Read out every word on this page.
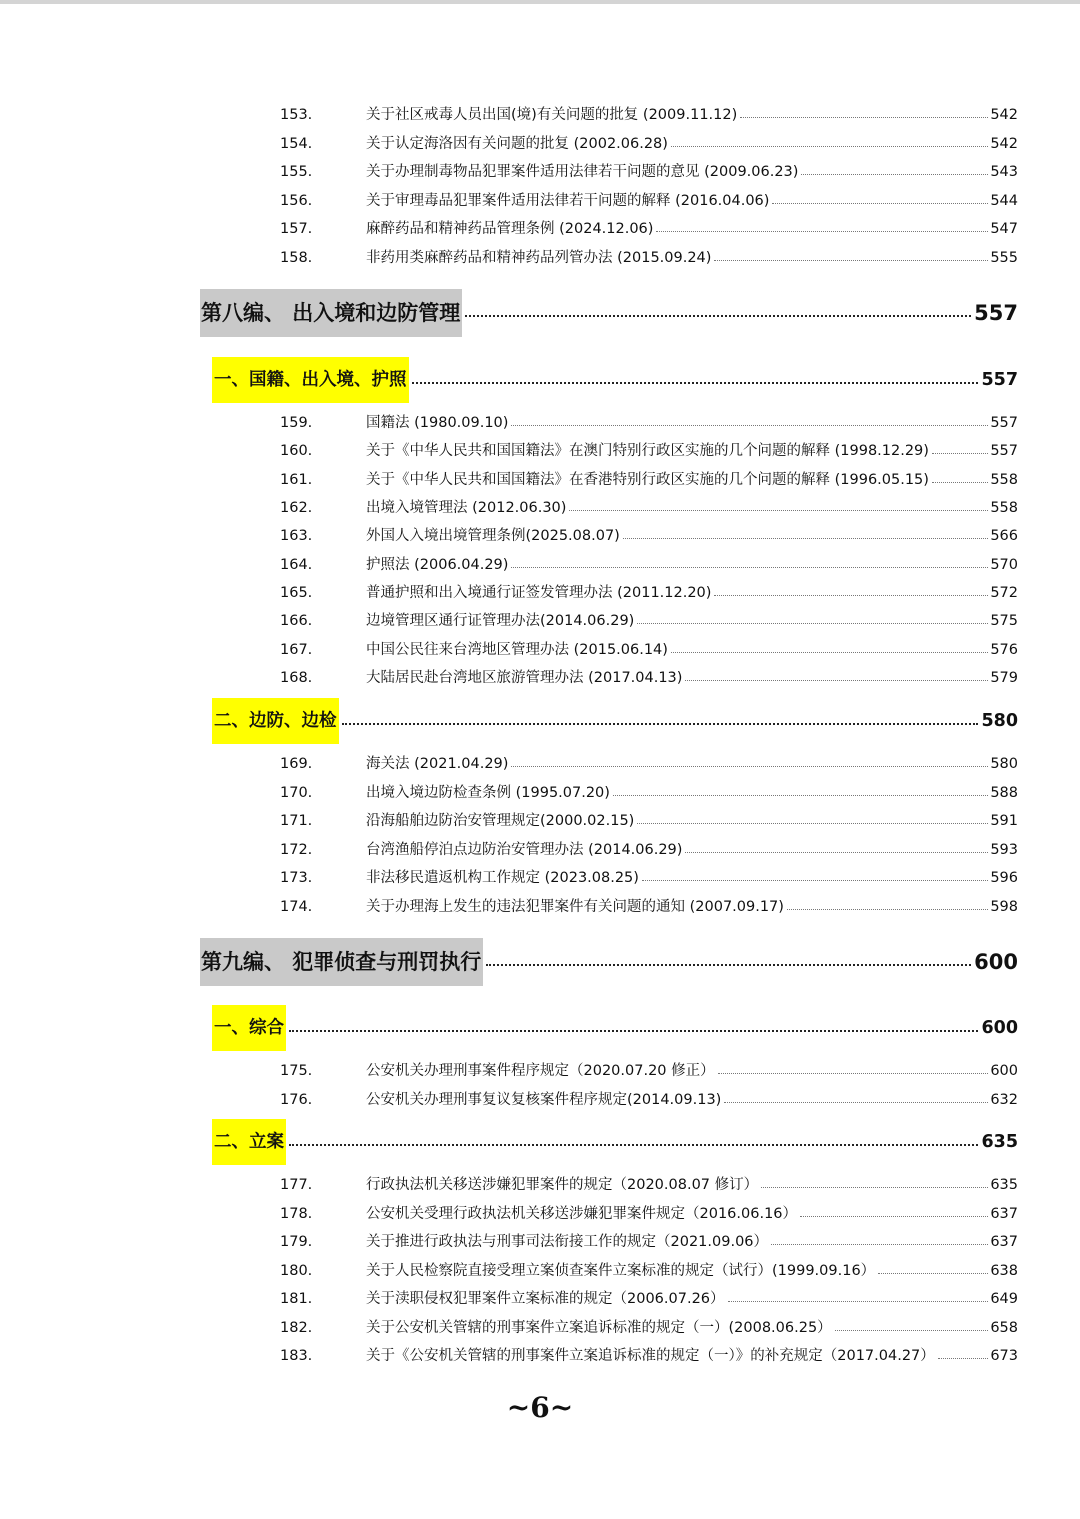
153.	关于社区戒毒人员出国(境)有关问题的批复 (2009.11.12)	542
154.	关于认定海洛因有关问题的批复 (2002.06.28)	542
155.	关于办理制毒物品犯罪案件适用法律若干问题的意见 (2009.06.23)	543
156.	关于审理毒品犯罪案件适用法律若干问题的解释 (2016.04.06)	544
157.	麻醉药品和精神药品管理条例 (2024.12.06)	547
158.	非药用类麻醉药品和精神药品列管办法 (2015.09.24)	555
第八编、 出入境和边防管理	557
一、国籍、出入境、护照	557
159.	国籍法 (1980.09.10)	557
160.	关于《中华人民共和国国籍法》在澳门特别行政区实施的几个问题的解释 (1998.12.29)	557
161.	关于《中华人民共和国国籍法》在香港特别行政区实施的几个问题的解释 (1996.05.15)	558
162.	出境入境管理法 (2012.06.30)	558
163.	外国人入境出境管理条例(2025.08.07)	566
164.	护照法 (2006.04.29)	570
165.	普通护照和出入境通行证签发管理办法 (2011.12.20)	572
166.	边境管理区通行证管理办法(2014.06.29)	575
167.	中国公民往来台湾地区管理办法 (2015.06.14)	576
168.	大陆居民赴台湾地区旅游管理办法 (2017.04.13)	579
二、边防、边检	580
169.	海关法 (2021.04.29)	580
170.	出境入境边防检查条例 (1995.07.20)	588
171.	沿海船舶边防治安管理规定(2000.02.15)	591
172.	台湾渔船停泊点边防治安管理办法 (2014.06.29)	593
173.	非法移民遣返机构工作规定 (2023.08.25)	596
174.	关于办理海上发生的违法犯罪案件有关问题的通知 (2007.09.17)	598
第九编、 犯罪侦查与刑罚执行	600
一、综合	600
175.	公安机关办理刑事案件程序规定（2020.07.20 修正）	600
176.	公安机关办理刑事复议复核案件程序规定(2014.09.13)	632
二、立案	635
177.	行政执法机关移送涉嫌犯罪案件的规定（2020.08.07 修订）	635
178.	公安机关受理行政执法机关移送涉嫌犯罪案件规定（2016.06.16）	637
179.	关于推进行政执法与刑事司法衔接工作的规定（2021.09.06）	637
180.	关于人民检察院直接受理立案侦查案件立案标准的规定（试行）(1999.09.16）	638
181.	关于渎职侵权犯罪案件立案标准的规定（2006.07.26）	649
182.	关于公安机关管辖的刑事案件立案追诉标准的规定（一）(2008.06.25）	658
183.	关于《公安机关管辖的刑事案件立案追诉标准的规定（一）》的补充规定（2017.04.27）	673
~6~
